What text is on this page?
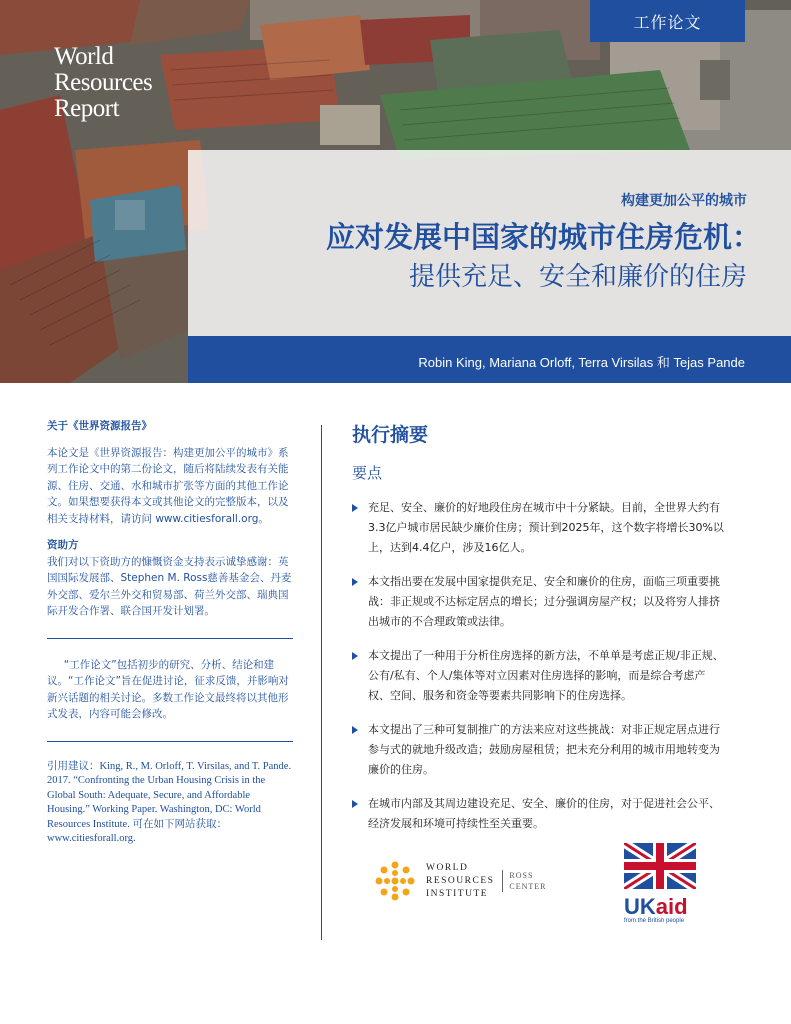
World
Resources
Report
工作论文
构建更加公平的城市
应对发展中国家的城市住房危机：
提供充足、安全和廉价的住房
Robin King, Mariana Orloff, Terra Virsilas 和 Tejas Pande
关于《世界资源报告》

本论文是《世界资源报告：构建更加公平的城市》系列工作论文中的第二份论文，随后将陆续发表有关能源、住房、交通、水和城市扩张等方面的其他工作论文。如果想要获得本文或其他论文的完整版本，以及相关支持材料，请访问 www.citiesforall.org。

资助方

我们对以下资助方的慷慨资金支持表示诚挚感谢：英国国际发展部、Stephen M. Ross慈善基金会、丹麦外交部、爱尔兰外交和贸易部、荷兰外交部、瑞典国际开发合作署、联合国开发计划署。

“工作论文”包括初步的研究、分析、结论和建议。“工作论文”旨在促进讨论，征求反馈，并影响对新兴话题的相关讨论。多数工作论文最终将以其他形式发表，内容可能会修改。

引用建议：King, R., M. Orloff, T. Virsilas, and T. Pande. 2017. “Confronting the Urban Housing Crisis in the Global South: Adequate, Secure, and Affordable Housing.” Working Paper. Washington, DC: World Resources Institute. 可在如下网站获取：www.citiesforall.org.

执行摘要
要点
充足、安全、廉价的好地段住房在城市中十分紧缺。目前，全世界大约有3.3亿户城市居民缺少廉价住房；预计到2025年，这个数字将增长30%以上，达到4.4亿户，涉及16亿人。
本文指出要在发展中国家提供充足、安全和廉价的住房，面临三项重要挑战：非正规或不达标定居点的增长；过分强调房屋产权；以及将穷人排挤出城市的不合理政策或法律。
本文提出了一种用于分析住房选择的新方法，不单单是考虑正规/非正规、公有/私有、个人/集体等对立因素对住房选择的影响，而是综合考虑产权、空间、服务和资金等要素共同影响下的住房选择。
本文提出了三种可复制推广的方法来应对这些挑战：对非正规定居点进行参与式的就地升级改造；鼓励房屋租赁；把未充分利用的城市用地转变为廉价的住房。
在城市内部及其周边建设充足、安全、廉价的住房，对于促进社会公平、经济发展和环境可持续性至关重要。
WORLD
RESOURCES
INSTITUTE
ROSS
CENTER
UKaid
from the British people
